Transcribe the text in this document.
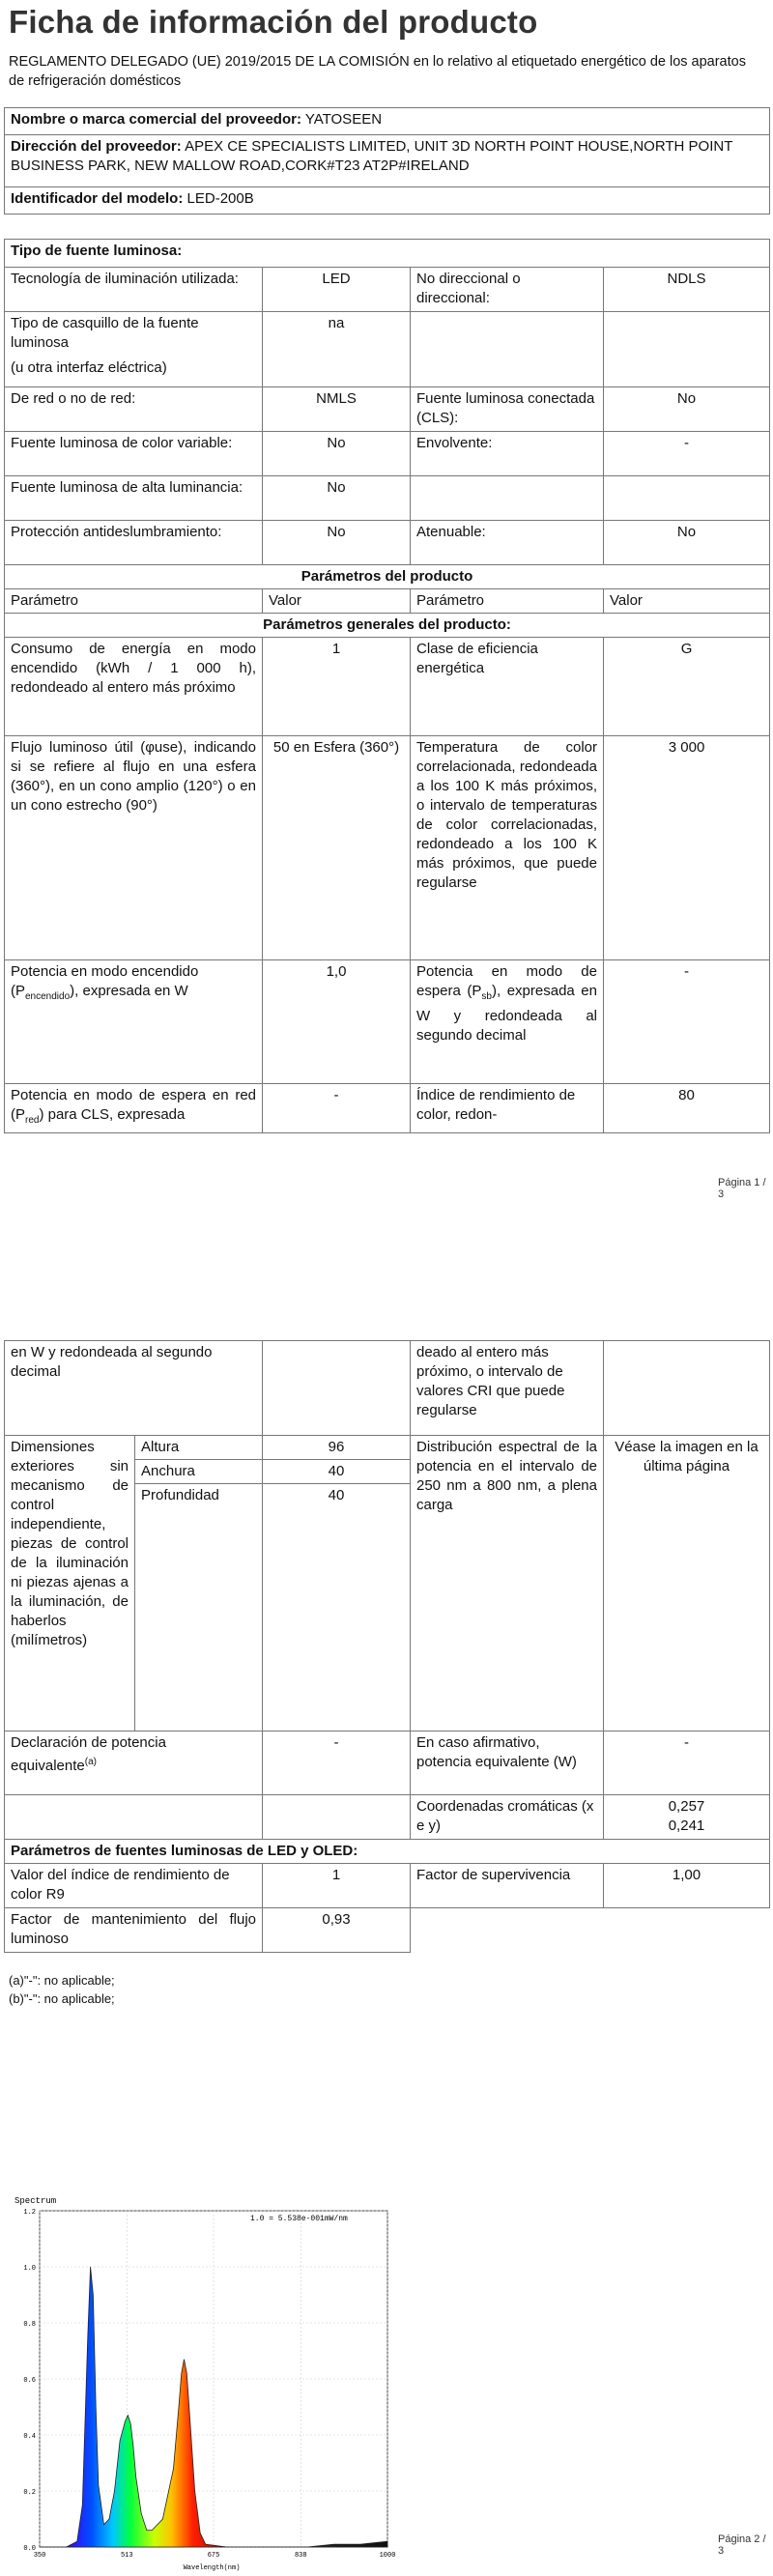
Ficha de información del producto
REGLAMENTO DELEGADO (UE) 2019/2015 DE LA COMISIÓN en lo relativo al etiquetado energético de los aparatos de refrigeración domésticos
Nombre o marca comercial del proveedor: YATOSEEN
Dirección del proveedor: APEX CE SPECIALISTS LIMITED, UNIT 3D NORTH POINT HOUSE,NORTH POINT BUSINESS PARK, NEW MALLOW ROAD,CORK#T23 AT2P#IRELAND
Identificador del modelo: LED-200B
Tipo de fuente luminosa:			
Tecnología de iluminación utilizada:	LED	No direccional o direccional:	NDLS

Tipo de casquillo de la fuente luminosa
(u otra interfaz eléctrica)	na		
De red o no de red:	NMLS	Fuente luminosa conectada (CLS):	No
Fuente luminosa de color variable:	No	Envolvente:	-
Fuente luminosa de alta luminancia:	No		
Protección antideslumbramiento:	No	Atenuable:	No
Parámetros del producto			
Parámetro	Valor	Parámetro	Valor
Parámetros generales del producto:			
Consumo de energía en modo encendido (kWh / 1 000 h), redondeado al entero más próximo	1	Clase de eficiencia energética	G
Flujo luminoso útil (φuse), indicando si se refiere al flujo en una esfera (360°), en un cono amplio (120°) o en un cono estrecho (90°)	50 en Esfera (360°)	Temperatura de color correlacionada, redondeada a los 100 K más próximos, o intervalo de temperaturas de color correlacionadas, redondeado a los 100 K más próximos, que puede regularse	3 000
Potencia en modo encendido $(P_{encendido})$, expresada en W	1,0	Potencia en modo de espera $(P_{sb})$, expresada en W y redondeada al segundo decimal	-
Potencia en modo de espera en red $(P_{red})$ para CLS, expresada	-	Índice de rendimiento de color, redon-	80
Página 1 / 3
en W y redondeada al segundo decimal			deado al entero más próximo, o intervalo de valores CRI que puede regularse	
Dimensiones exteriores sin mecanismo de control independiente, piezas de control de la iluminación ni piezas ajenas a la iluminación, de haberlos (milímetros)	Altura	96	Distribución espectral de la potencia en el intervalo de 250 nm a 800 nm, a plena carga	Véase la imagen en la última página
	Anchura	40		
	Profundidad	40		
Declaración de potencia equivalente$^{(a)}$		-	En caso afirmativo, potencia equivalente (W)	-
			Coordenadas cromáticas (x e y)	0,257
0,241

Parámetros de fuentes luminosas de LED y OLED:				
Valor del índice de rendimiento de color R9		1	Factor de supervivencia	1,00
Factor de mantenimiento del flujo luminoso		0,93		
(a)"-": no aplicable;
(b)"-": no aplicable;
Spectrum
1.0 = 5.538e-001mW/nm
0.0
0.2
0.4
0.6
0.8
1.0
1.2
350	513	675	838	1000
Wavelength(nm)
Página 2 / 3
